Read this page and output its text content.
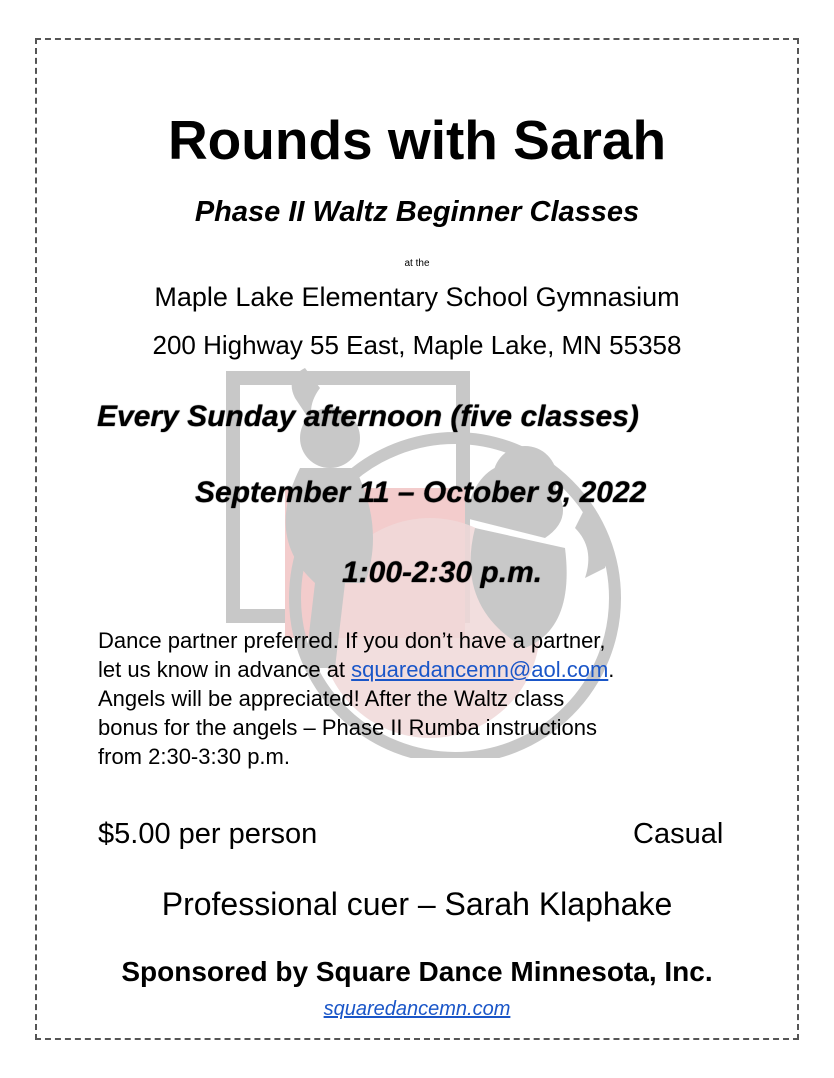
Rounds with Sarah
Phase II Waltz Beginner Classes
at the
Maple Lake Elementary School Gymnasium
200 Highway 55 East, Maple Lake, MN 55358
Every Sunday afternoon (five classes)
September 11 – October 9, 2022
1:00-2:30 p.m.
Dance partner preferred. If you don’t have a partner,
let us know in advance at squaredancemn@aol.com.
Angels will be appreciated! After the Waltz class
bonus for the angels – Phase II Rumba instructions
from 2:30-3:30 p.m.
$5.00 per person	Casual
Professional cuer – Sarah Klaphake
Sponsored by Square Dance Minnesota, Inc.
squaredancemn.com
